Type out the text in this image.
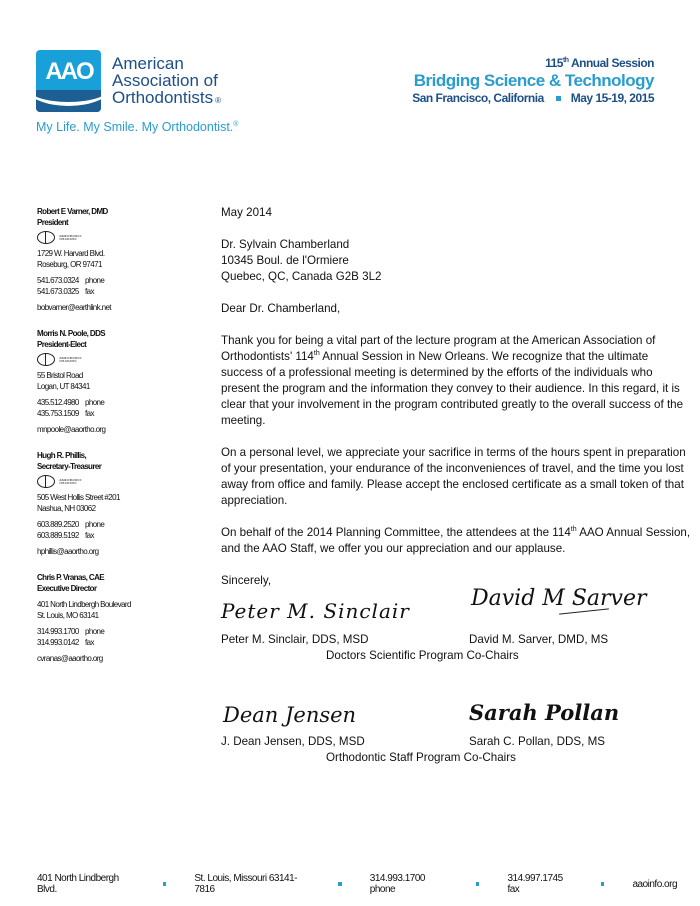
AAO	American
Association of
Orthodontists ®
My Life. My Smile. My Orthodontist.®
115th Annual Session
Bridging Science & Technology
San Francisco, California May 15-19, 2015
Robert E Varner, DMD
President
AMERICAN BOARD OF ORTHODONTICS
1729 W. Harvard Blvd.
Roseburg, OR 97471
541.673.0324 phone
541.673.0325 fax
bobvarner@earthlink.net
Morris N. Poole, DDS
President-Elect
AMERICAN BOARD OF ORTHODONTICS
55 Bristol Road
Logan, UT 84341
435.512.4980 phone
435.753.1509 fax
mnpoole@aaortho.org
Hugh R. Phillis,
Secretary-Treasurer
AMERICAN BOARD OF ORTHODONTICS
505 West Hollis Street #201
Nashua, NH 03062
603.889.2520 phone
603.889.5192 fax
hphillis@aaortho.org
Chris P. Vranas, CAE
Executive Director
401 North Lindbergh Boulevard
St. Louis, MO 63141
314.993.1700 phone
314.993.0142 fax
cvranas@aaortho.org

May 2014

Dr. Sylvain Chamberland
10345 Boul. de l'Ormiere
Quebec, QC, Canada G2B 3L2

Dear Dr. Chamberland,

Thank you for being a vital part of the lecture program at the American Association of Orthodontists' 114th Annual Session in New Orleans. We recognize that the ultimate success of a professional meeting is determined by the efforts of the individuals who present the program and the information they convey to their audience. In this regard, it is clear that your involvement in the program contributed greatly to the overall success of the meeting.

On a personal level, we appreciate your sacrifice in terms of the hours spent in preparation of your presentation, your endurance of the inconveniences of travel, and the time you lost away from office and family. Please accept the enclosed certificate as a small token of that appreciation.

On behalf of the 2014 Planning Committee, the attendees at the 114th AAO Annual Session, and the AAO Staff, we offer you our appreciation and our applause.

Sincerely,

Peter M. Sinclair	David M Sarver
Peter M. Sinclair, DDS, MSD	David M. Sarver, DMD, MS
Doctors Scientific Program Co-Chairs
Dean Jensen	Sarah Pollan
J. Dean Jensen, DDS, MSD	Sarah C. Pollan, DDS, MS
Orthodontic Staff Program Co-Chairs
401 North Lindbergh Blvd.
St. Louis, Missouri 63141-7816
314.993.1700 phone
314.997.1745 fax	aaoinfo.org
